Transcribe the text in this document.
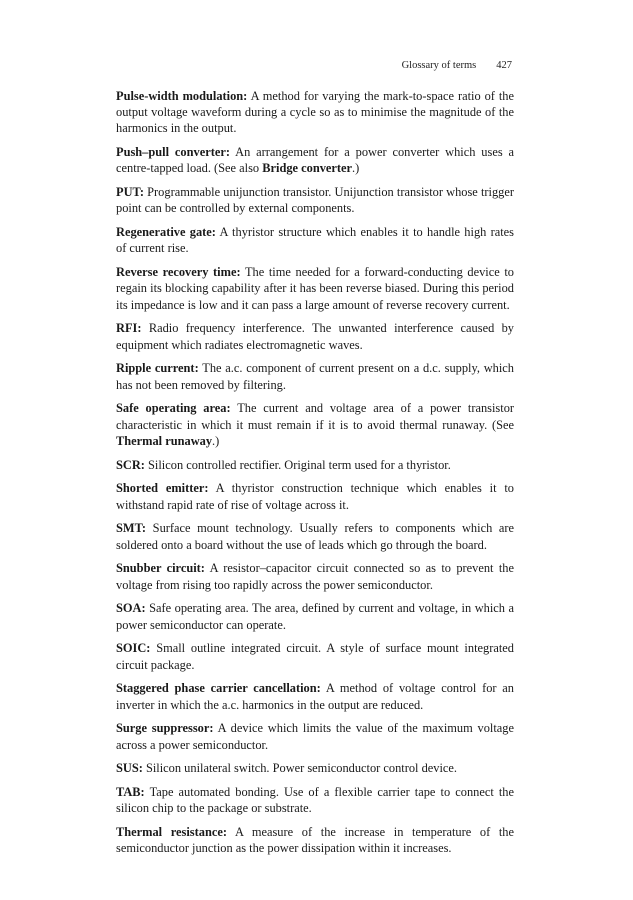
Glossary of terms 427

Pulse-width modulation: A method for varying the mark-to-space ratio of the output voltage waveform during a cycle so as to minimise the magnitude of the harmonics in the output.

Push–pull converter: An arrangement for a power converter which uses a centre-tapped load. (See also Bridge converter.)

PUT: Programmable unijunction transistor. Unijunction transistor whose trigger point can be controlled by external components.

Regenerative gate: A thyristor structure which enables it to handle high rates of current rise.

Reverse recovery time: The time needed for a forward-conducting device to regain its blocking capability after it has been reverse biased. During this period its impedance is low and it can pass a large amount of reverse recovery current.

RFI: Radio frequency interference. The unwanted interference caused by equipment which radiates electromagnetic waves.

Ripple current: The a.c. component of current present on a d.c. supply, which has not been removed by filtering.

Safe operating area: The current and voltage area of a power transistor characteristic in which it must remain if it is to avoid thermal runaway. (See Thermal runaway.)

SCR: Silicon controlled rectifier. Original term used for a thyristor.

Shorted emitter: A thyristor construction technique which enables it to withstand rapid rate of rise of voltage across it.

SMT: Surface mount technology. Usually refers to components which are soldered onto a board without the use of leads which go through the board.

Snubber circuit: A resistor–capacitor circuit connected so as to prevent the voltage from rising too rapidly across the power semiconductor.

SOA: Safe operating area. The area, defined by current and voltage, in which a power semiconductor can operate.

SOIC: Small outline integrated circuit. A style of surface mount integrated circuit package.

Staggered phase carrier cancellation: A method of voltage control for an inverter in which the a.c. harmonics in the output are reduced.

Surge suppressor: A device which limits the value of the maximum voltage across a power semiconductor.

SUS: Silicon unilateral switch. Power semiconductor control device.

TAB: Tape automated bonding. Use of a flexible carrier tape to connect the silicon chip to the package or substrate.

Thermal resistance: A measure of the increase in temperature of the semiconductor junction as the power dissipation within it increases.
